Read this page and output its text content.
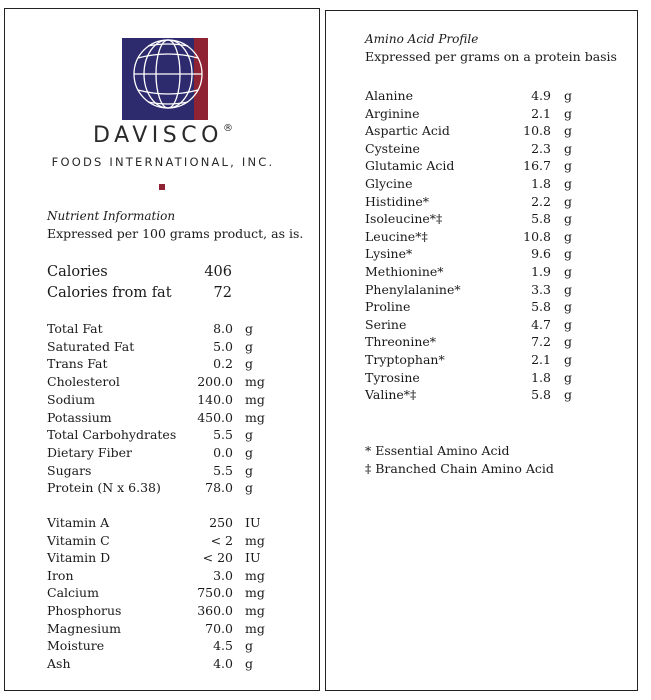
DAVISCO®
FOODS INTERNATIONAL, INC.
Nutrient Information
Expressed per 100 grams product, as is.
Calories	406
Calories from fat	72
Total Fat	8.0 g
Saturated Fat	5.0 g
Trans Fat	0.2 g
Cholesterol	200.0 mg
Sodium	140.0 mg
Potassium	450.0 mg
Total Carbohydrates	5.5 g
Dietary Fiber	0.0 g
Sugars	5.5 g
Protein (N x 6.38)	78.0 g
Vitamin A	250 IU
Vitamin C	< 2 mg
Vitamin D	< 20 IU
Iron	3.0 mg
Calcium	750.0 mg
Phosphorus	360.0 mg
Magnesium	70.0 mg
Moisture	4.5 g
Ash	4.0 g
Amino Acid Profile
Expressed per grams on a protein basis
Alanine	4.9 g
Arginine	2.1 g
Aspartic Acid	10.8 g
Cysteine	2.3 g
Glutamic Acid	16.7 g
Glycine	1.8 g
Histidine*	2.2 g
Isoleucine*‡	5.8 g
Leucine*‡	10.8 g
Lysine*	9.6 g
Methionine*	1.9 g
Phenylalanine*	3.3 g
Proline	5.8 g
Serine	4.7 g
Threonine*	7.2 g
Tryptophan*	2.1 g
Tyrosine	1.8 g
Valine*‡	5.8 g
* Essential Amino Acid
‡ Branched Chain Amino Acid
